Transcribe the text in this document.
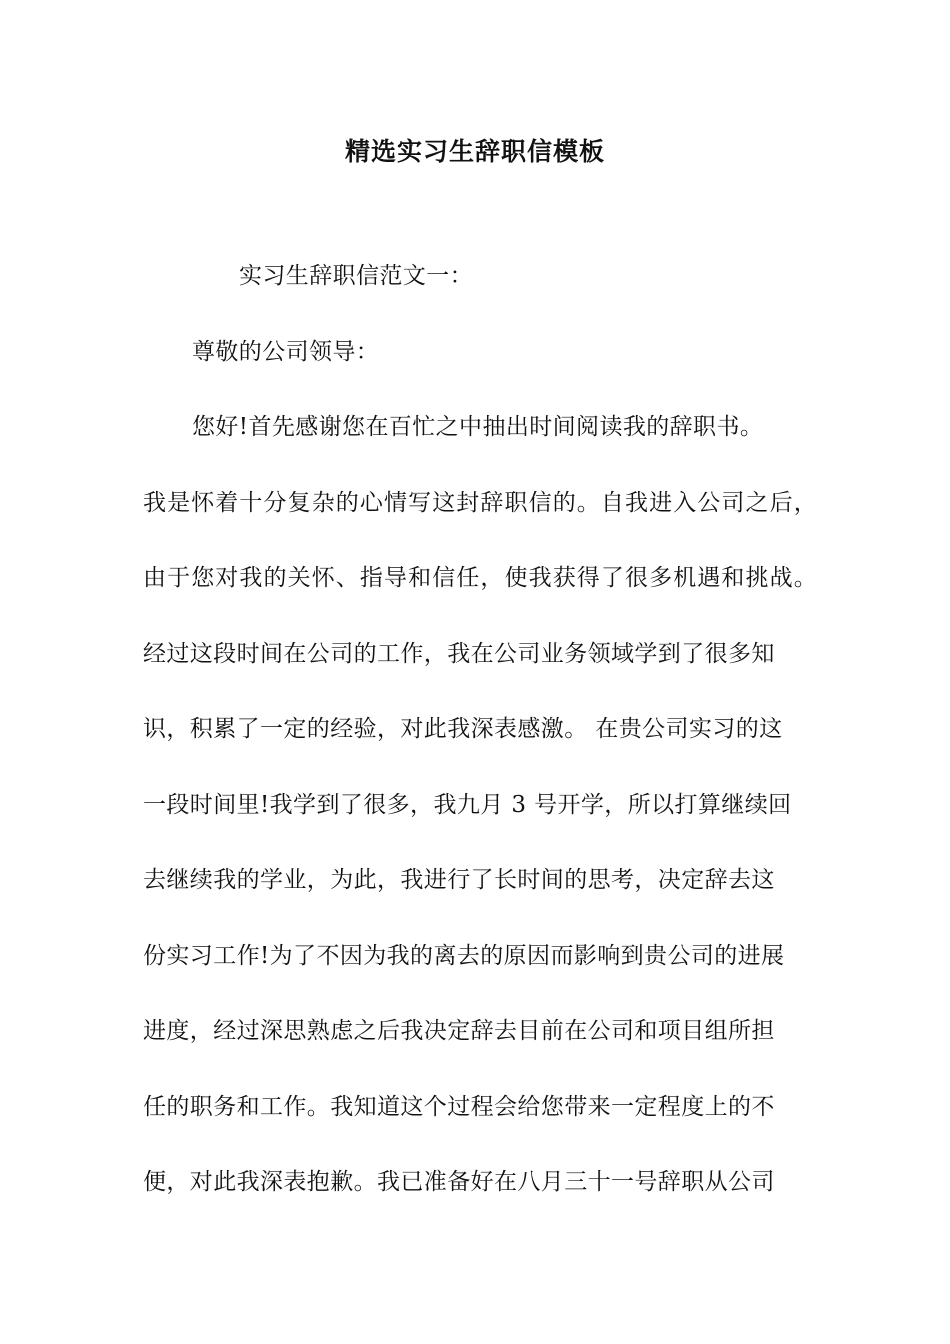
精选实习生辞职信模板

实习生辞职信范文一：

尊敬的公司领导：

您好!首先感谢您在百忙之中抽出时间阅读我的辞职书。

我是怀着十分复杂的心情写这封辞职信的。自我进入公司之后，

由于您对我的关怀、指导和信任，使我获得了很多机遇和挑战。

经过这段时间在公司的工作，我在公司业务领域学到了很多知

识，积累了一定的经验，对此我深表感激。 在贵公司实习的这

一段时间里!我学到了很多，我九月 3 号开学，所以打算继续回

去继续我的学业，为此，我进行了长时间的思考，决定辞去这

份实习工作!为了不因为我的离去的原因而影响到贵公司的进展

进度，经过深思熟虑之后我决定辞去目前在公司和项目组所担

任的职务和工作。我知道这个过程会给您带来一定程度上的不

便，对此我深表抱歉。我已准备好在八月三十一号辞职从公司
